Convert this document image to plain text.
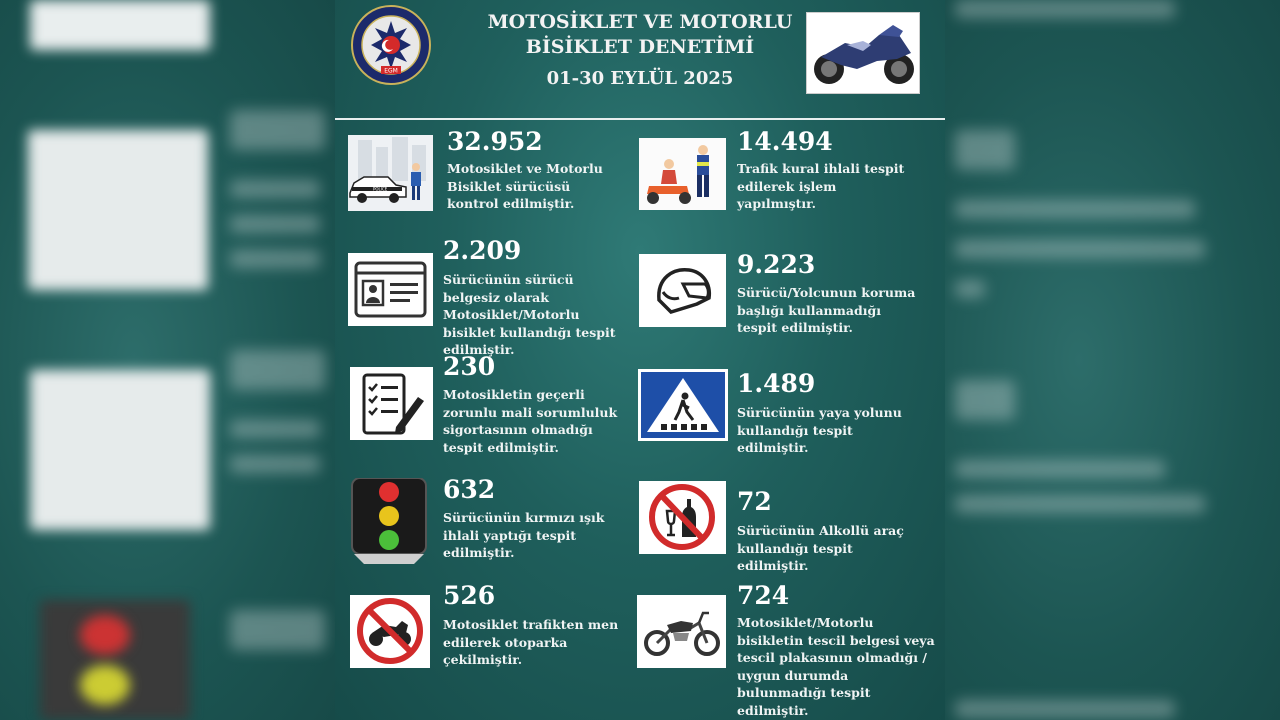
EGM
MOTOSİKLET VE MOTORLU
BİSİKLET DENETİMİ
01-30 EYLÜL 2025
POLICE
32.952
Motosiklet ve Motorlu Bisiklet sürücüsü kontrol edilmiştir.
14.494
Trafik kural ihlali tespit edilerek işlem yapılmıştır.
2.209
Sürücünün sürücü belgesiz olarak Motosiklet/Motorlu bisiklet kullandığı tespit edilmiştir.
9.223
Sürücü/Yolcunun koruma başlığı kullanmadığı tespit edilmiştir.
230
Motosikletin geçerli zorunlu mali sorumluluk sigortasının olmadığı tespit edilmiştir.
1.489
Sürücünün yaya yolunu kullandığı tespit edilmiştir.
632
Sürücünün kırmızı ışık ihlali yaptığı tespit edilmiştir.
72
Sürücünün Alkollü araç kullandığı tespit edilmiştir.
526
Motosiklet trafikten men edilerek otoparka çekilmiştir.
724
Motosiklet/Motorlu bisikletin tescil belgesi veya tescil plakasının olmadığı / uygun durumda bulunmadığı tespit edilmiştir.
